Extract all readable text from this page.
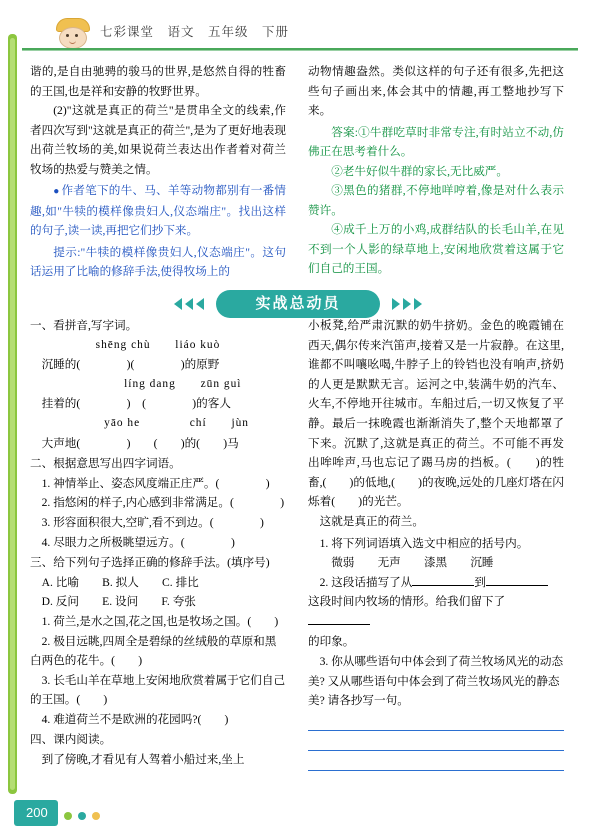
七彩课堂　语文　五年级　下册

谐的,是自由驰骋的骏马的世界,是悠然自得的牲畜的王国,也是祥和安静的牧野世界。

(2)"这就是真正的荷兰"是贯串全文的线索,作者四次写到"这就是真正的荷兰",是为了更好地表现出荷兰牧场的美,如果说荷兰表达出作者着对荷兰牧场的热爱与赞美之情。

● 作者笔下的牛、马、羊等动物都别有一番情趣,如"牛犊的模样像贵妇人,仪态端庄"。找出这样的句子,读一读,再把它们抄下来。

提示:"牛犊的模样像贵妇人,仪态端庄"。这句话运用了比喻的修辞手法,使得牧场上的

动物情趣盎然。类似这样的句子还有很多,先把这些句子画出来,体会其中的情趣,再工整地抄写下来。

答案:①牛群吃草时非常专注,有时站立不动,仿佛正在思考着什么。

②老牛好似牛群的家长,无比威严。

③黑色的猪群,不停地咩哼着,像是对什么表示赞许。

④成千上万的小鸡,成群结队的长毛山羊,在见不到一个人影的绿草地上,安闲地欣赏着这属于它们自己的王国。

实战总动员

一、看拼音,写字词。

shēng chù　　liáo kuò

沉睡的(　　　　)(　　　　)的原野

　　　　líng dang　　zūn guì

挂着的(　　　　)　(　　　　)的客人

　　　yāo he　　　　chí　　jùn

大声地(　　　　)　　(　　)的(　　)马

二、根据意思写出四字词语。

1. 神情举止、姿态风度端正庄严。(　　　　)

2. 指悠闲的样子,内心感到非常满足。(　　　　)

3. 形容面积很大,空旷,看不到边。(　　　　)

4. 尽眼力之所极眺望远方。(　　　　)

三、给下列句子选择正确的修辞手法。(填序号)

A. 比喻　　B. 拟人　　C. 排比

D. 反问　　E. 设问　　F. 夸张

1. 荷兰,是水之国,花之国,也是牧场之国。(　　)

2. 极目远眺,四周全是碧绿的丝绒般的草原和黑白两色的花牛。(　　)

3. 长毛山羊在草地上安闲地欣赏着属于它们自己的王国。(　　)

4. 难道荷兰不是欧洲的花园吗?(　　)

四、课内阅读。

到了傍晚,才看见有人驾着小船过来,坐上

小板凳,给严肃沉默的奶牛挤奶。金色的晚霞铺在西天,偶尔传来汽笛声,接着又是一片寂静。在这里,谁都不叫嚷吆喝,牛脖子上的铃铛也没有响声,挤奶的人更是默默无言。运河之中,装满牛奶的汽车、火车,不停地开往城市。车船过后,一切又恢复了平静。最后一抹晚霞也渐渐消失了,整个天地都罩了下来。沉默了,这就是真正的荷兰。不可能不再发出哞哞声,马也忘记了踢马房的挡板。(　　)的牲畜,(　　)的低地,(　　)的夜晚,远处的几座灯塔在闪烁着(　　)的光芒。

这就是真正的荷兰。

1. 将下列词语填入选文中相应的括号内。

微弱　　无声　　漆黑　　沉睡

2. 这段话描写了从	到

这段时间内牧场的情形。给我们留下了

的印象。

3. 你从哪些语句中体会到了荷兰牧场风光的动态美? 又从哪些语句中体会到了荷兰牧场风光的静态美? 请各抄写一句。

200
